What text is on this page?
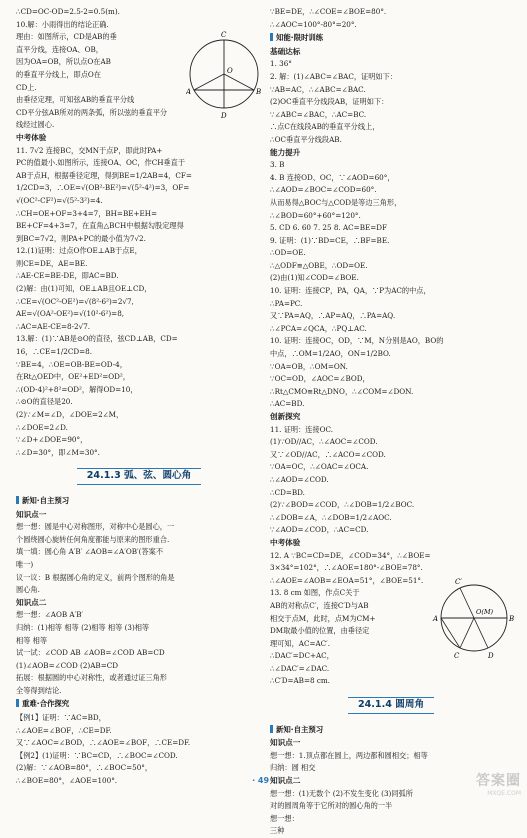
∴CD=OC-OD=2.5-2=0.5(m).
10.解：小雨得出的结论正确.
理由：如图所示，CD是AB的垂
直平分线，连接OA、OB，
因为OA=OB，所以点O在AB
的垂直平分线上，即点O在
CD上.
由垂径定理，可知弦AB的垂直平分线
CD平分弦AB所对的两条弧，所以弦的垂直平分
线经过圆心.
中考体验
11. 7√2 连接BC，交MN于点P，即此时PA+
PC的值最小.如图所示，连接OA、OC，作CH垂直于
AB于点H，根据垂径定理，得到BE=1/2AB=4，CF=
1/2CD=3，∴OE=√(OB²-BE²)=√(5²-4²)=3，OF=
√(OC²-CF²)=√(5²-3²)=4.
∴CH=OE+OF=3+4=7，BH=BE+EH=
BE+CF=4+3=7，在直角△BCH中根据勾股定理得
到BC=7√2，则PA+PC的最小值为7√2.
12.(1)证明：过点O作OE⊥AB于点E，
则CE=DE，AE=BE.
∴AE-CE=BE-DE，即AC=BD.
(2)解：由(1)可知，OE⊥AB且OE⊥CD，
∴CE=√(OC²-OE²)=√(8²-6²)=2√7,
AE=√(OA²-OE²)=√(10²-6²)=8,
∴AC=AE-CE=8-2√7.
13.解：(1)∵AB是⊙O的直径，弦CD⊥AB，CD=
16，∴CE=1/2CD=8.
∵BE=4，∴OE=OB-BE=OD-4，
在Rt△OED中，OE²+ED²=OD²，
∴(OD-4)²+8²=OD²，解得OD=10，
∴⊙O的直径是20.
(2)∵∠M=∠D，∠DOE=2∠M，
∴∠DOE=2∠D.
∵∠D+∠DOE=90°，
∴∠D=30°，即∠M=30°.
24.1.3 弧、弦、圆心角
新知·自主预习
知识点一
想一想：圆是中心对称图形，对称中心是圆心，一
个圆绕圆心旋转任何角度都能与原来的图形重合.
填一填：圆心角 A′B′ ∠AOB=∠A′OB′(答案不
唯一)
议一议：B 根据圆心角的定义，前两个图形的角是
圆心角.
知识点二
想一想：∠AOB A′B′
归纳：(1)相等 相等 (2)相等 相等 (3)相等
相等 相等
试一试：∠COD AB ∠AOB=∠COD AB=CD
(1)∠AOB=∠COD (2)AB=CD
拓展：根据圆的中心对称性，或者通过证三角形
全等得到结论.
重难·合作探究
【例1】证明：∵AC=BD，
∴∠AOE=∠BOF，∴CE=DF.
又∵∠AOC=∠BOD，∴∠AOE=∠BOF，∴CE=DF.
【例2】(1)证明：∵BC=CD，∴∠BOC=∠COD.
(2)解：∵∠AOB=80°，∴∠BOC=50°，
∴∠BOE=80°，∠AOE=100°.
∵BE=DE，∴∠COE=∠BOE=80°.
∴∠AOC=100°-80°=20°.
知能·限时训练
基础达标
1. 36°
2. 解：(1)∠ABC=∠BAC，证明如下：
∵AB=AC，∴∠ABC=∠BAC.
(2)OC垂直平分线段AB，证明如下：
∵∠ABC=∠BAC，∴AC=BC.
∴点C在线段AB的垂直平分线上，
∴OC垂直平分线段AB.
能力提升
3. B
4. B 连接OD、OC，∵∠AOD=60°，
∴∠AOD=∠BOC=∠COD=60°.
从而易得△BOC与△COD是等边三角形，
∴∠BOD=60°+60°=120°.
5. CD 6. 60 7. 25 8. AC=BE=DF
9. 证明：(1)∵BD=CE，∴BF=BE.
∴OD=OE.
∴△ODF≌△OBE，∴OD=OE.
(2)由(1)知∠COD=∠BOE.
10. 证明：连接CP，PA，QA，∵P为AC的中点，
∴PA=PC.
又∵PA=AQ，∴AP=AQ，∴PA=AQ.
∴∠PCA=∠QCA，∴PQ⊥AC.
10. 证明：连接OC，OD，∵M，N分别是AO，BO的
中点，∴OM=1/2AO，ON=1/2BO.
∵OA=OB，∴OM=ON.
∵OC=OD，∠AOC=∠BOD，
∴Rt△CMO≌Rt△DNO，∴∠COM=∠DON.
∴AC=BD.
创新探究
11. 证明：连接OC.
(1)∵OD//AC，∴∠AOC=∠COD.
又∵∠OD//AC，∴∠ACO=∠COD.
∵OA=OC，∴∠OAC=∠OCA.
∴∠AOD=∠COD.
∴CD=BD.
(2)∵∠BOD=∠COD，∴∠DOB=1/2∠BOC.
∴∠DOB=∠A，∴∠DOB=1/2∠AOC.
∵∠AOD=∠COD，∴AC=CD.
中考体验
12. A ∵BC=CD=DE，∠COD=34°，∴∠BOE=
3×34°=102°，∴∠AOE=180°-∠BOE=78°.
∴∠AOE=∠AOB=∠EOA=51°，∠BOE=51°.
13. 8 cm 如图，作点C关于
AB的对称点C′，连接C′D与AB
相交于点M，此时，点M为CM+
DM取最小值的位置，由垂径定
理可知，AC=AC′.
∴DAC′=DC+AC，
∴∠DAC′=∠DAC.
∴C′D=AB=8 cm.
24.1.4 圆周角
新知·自主预习
知识点一
想一想：1.顶点都在圆上，两边都和圆相交；相等
归纳：圆 相交
知识点二
想一想：(1)无数个 (2)不发生变化 (3)同弧所
对的圆周角等于它所对的圆心角的一半
想一想：
三种
C
O
A
D
B
C′
O(M)
A	B
C	D
· 49 ·	答案圈
MXQE.COM
